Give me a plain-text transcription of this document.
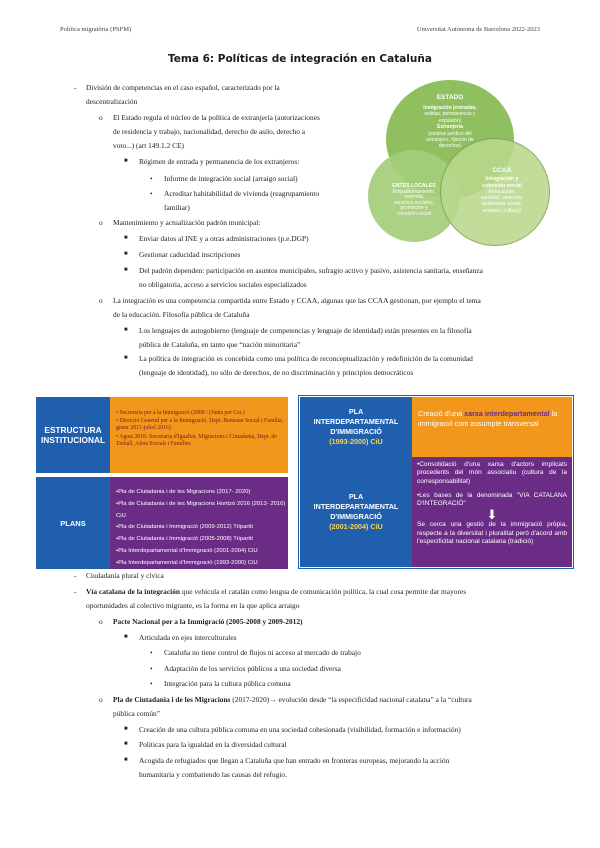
Política migratòria (PSFM)	Universitat Autònoma de Barcelona 2022-2023
Tema 6: Políticas de integración en Cataluña
ESTADO
Inmigración (entradas,
salidas, permanencia y
expulsión)
Extranjería
(estatus jurídico del
extranjero, fijación de
derechos)
ENTES LOCALES
Empadronamiento,
vivienda,
servicios sociales,
promoción y
cohesión social
CCAA
Integración y
cohesión social
(educación,
sanidad, vivienda,
asistencia social,
empleo, cultura)
- División de competencias en el caso español, caracterizado por la
descentralización
o El Estado regula el núcleo de la política de extranjería (autorizaciones
de residencia y trabajo, nacionalidad, derecho de asilo, derecho a
voto...) (art 149.1.2 CE)
■ Régimen de entrada y permanencia de los extranjeros:
• Informe de integración social (arraigo social)
• Acreditar habitabilidad de vivienda (reagrupamiento
familiar)
o Mantenimiento y actualización padrón municipal:
■ Enviar datos al INE y a otras administraciones (p.e.DGP)
■ Gestionar caducidad inscripciones
■ Del padrón dependen: participación en asuntos municipales, sufragio activo y pasivo, asistencia sanitaria, enseñanza
no obligatoria, acceso a servicios sociales especializados
o La integración es una competencia compartida entre Estado y CCAA, algunas que las CCAA gestionan, por ejemplo el tema
de la educación. Filosofía pública de Cataluña
■ Los lenguajes de autogobierno (lenguaje de competencias y lenguaje de identidad) están presentes en la filosofía
pública de Cataluña, en tanto que “nación minoritaria”
■ La política de integración es concebida como una política de reconceptualización y redefinición de la comunidad
(lenguaje de identidad), no sólo de derechos, de no discriminación y principios democráticos
ESTRUCTURA INSTITUCIONAL
• Secretaria per a la Immigració (2000 / (Junts per Cat.)
• Direcció General per a la Immigració, Dept. Benestar Social i Família, gener 2011-juliol 2016)
• Agost 2016: Secretaria d'Igualtat, Migracions i Ciutadania, Dept. de Treball, Afers Socials i Famílies
PLANS
•Pla de Ciutadania i de les Migracions (2017- 2020)
•Pla de Ciutadania i de les Migracions Horitzó 2016 (2013- 2016) CiU
•Pla de Ciutadania i Immigració (2009-2012) Tripartit
•Pla de Ciutadania i Immigració (2005-2008) Tripartit
•Pla Interdepartamental d'Immigració (2001-2004) CiU
•Pla Interdepartamental d'Immigració (1993-2000) CiU
PLA
INTERDEPARTAMENTAL
D'IMMIGRACIÓ
(1993-2000) CiU
Creació d'una xarxa interdepartamental la immigració com assumpte transversal
PLA
INTERDEPARTAMENTAL
D'IMMIGRACIÓ
(2001-2004) CiU
•Consolidació d'una xarxa d'actors implicats procedents del món associatiu (cultura de la corresponsabilitat)
•Les bases de la denominada "VIA CATALANA D'INTEGRACIÓ"
⬇
Se cerca una gestió de la immigració pròpia, respecte a la diversitat i pluralitat però d'acord amb l'especificitat nacional catalana (tradició)
- Ciudadanía plural y cívica
- Vía catalana de la integración que vehicula el catalán como lengua de comunicación política, la cual cosa permite dar mayores
oportunidades al colectivo migrante, es la forma en la que aplica arraigo
o Pacte Nacional per a la Immigració (2005-2008 y 2009-2012)
■ Articulada en ejes interculturales
• Cataluña no tiene control de flujos ni acceso al mercado de trabajo
• Adaptación de los servicios públicos a una sociedad diversa
• Integración para la cultura pública comuna
o Pla de Ciutadania i de les Migracions (2017-2020)→ evolución desde “la especificidad nacional catalana” a la “cultura
pública común”
■ Creación de una cultura pública comuna en una sociedad cohesionada (visibilidad, formación e información)
■ Políticas para la igualdad en la diversidad cultural
■ Acogida de refugiados que llegan a Cataluña que han entrado en fronteras europeas, mejorando la acción
humanitaria y combatiendo las causas del refugio.
